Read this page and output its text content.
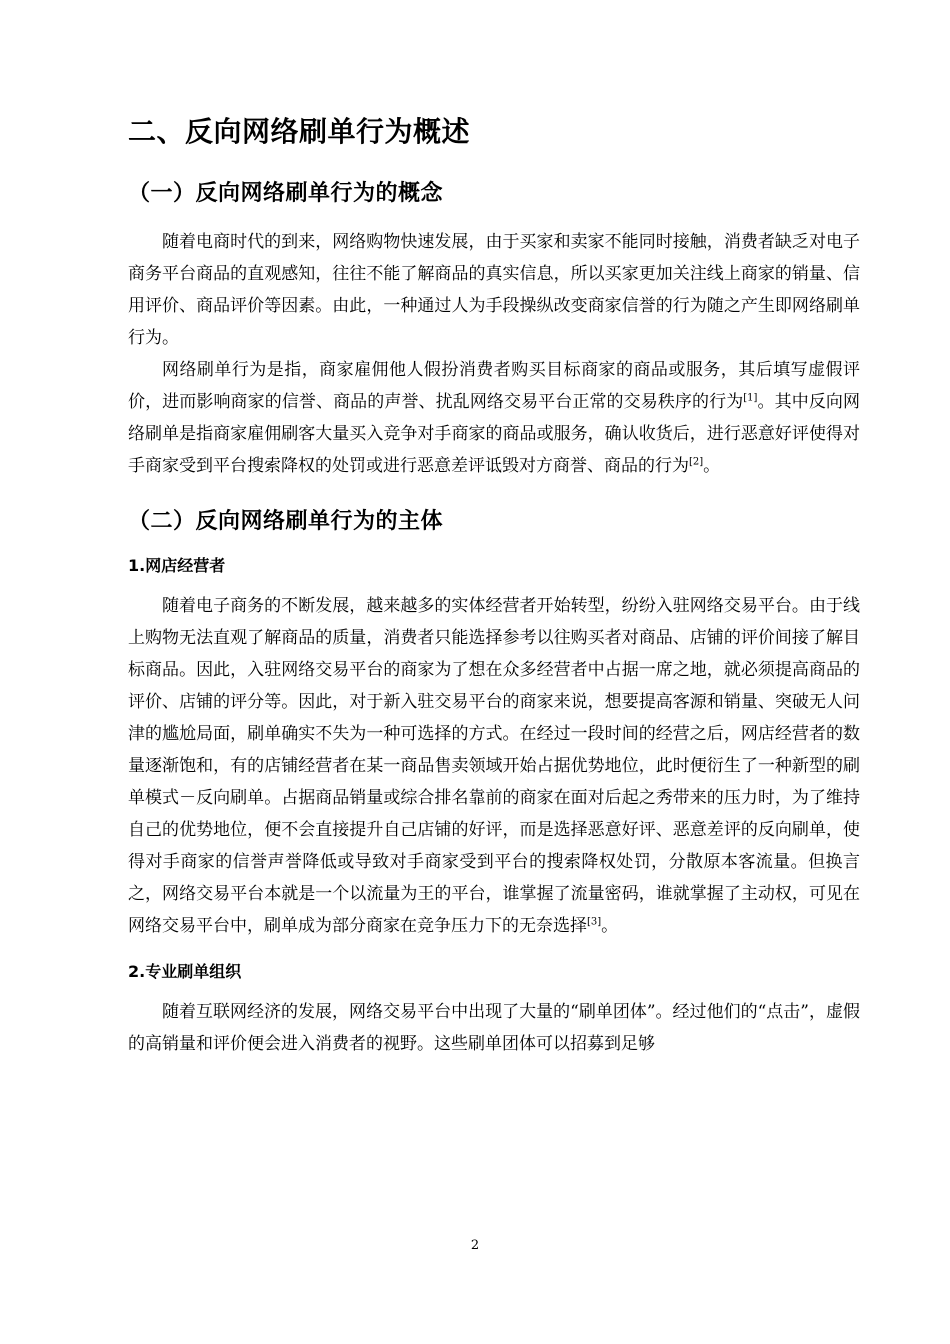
二、反向网络刷单行为概述
（一）反向网络刷单行为的概念

随着电商时代的到来，网络购物快速发展，由于买家和卖家不能同时接触，消费者缺乏对电子商务平台商品的直观感知，往往不能了解商品的真实信息，所以买家更加关注线上商家的销量、信用评价、商品评价等因素。由此，一种通过人为手段操纵改变商家信誉的行为随之产生即网络刷单行为。

网络刷单行为是指，商家雇佣他人假扮消费者购买目标商家的商品或服务，其后填写虚假评价，进而影响商家的信誉、商品的声誉、扰乱网络交易平台正常的交易秩序的行为[1]。其中反向网络刷单是指商家雇佣刷客大量买入竞争对手商家的商品或服务，确认收货后，进行恶意好评使得对手商家受到平台搜索降权的处罚或进行恶意差评诋毁对方商誉、商品的行为[2]。

（二）反向网络刷单行为的主体
1.网店经营者

随着电子商务的不断发展，越来越多的实体经营者开始转型，纷纷入驻网络交易平台。由于线上购物无法直观了解商品的质量，消费者只能选择参考以往购买者对商品、店铺的评价间接了解目标商品。因此，入驻网络交易平台的商家为了想在众多经营者中占据一席之地，就必须提高商品的评价、店铺的评分等。因此，对于新入驻交易平台的商家来说，想要提高客源和销量、突破无人问津的尴尬局面，刷单确实不失为一种可选择的方式。在经过一段时间的经营之后，网店经营者的数量逐渐饱和，有的店铺经营者在某一商品售卖领域开始占据优势地位，此时便衍生了一种新型的刷单模式－反向刷单。占据商品销量或综合排名靠前的商家在面对后起之秀带来的压力时，为了维持自己的优势地位，便不会直接提升自己店铺的好评，而是选择恶意好评、恶意差评的反向刷单，使得对手商家的信誉声誉降低或导致对手商家受到平台的搜索降权处罚，分散原本客流量。但换言之，网络交易平台本就是一个以流量为王的平台，谁掌握了流量密码，谁就掌握了主动权，可见在网络交易平台中，刷单成为部分商家在竞争压力下的无奈选择[3]。

2.专业刷单组织

随着互联网经济的发展，网络交易平台中出现了大量的“刷单团体”。经过他们的“点击”，虚假的高销量和评价便会进入消费者的视野。这些刷单团体可以招募到足够

2
